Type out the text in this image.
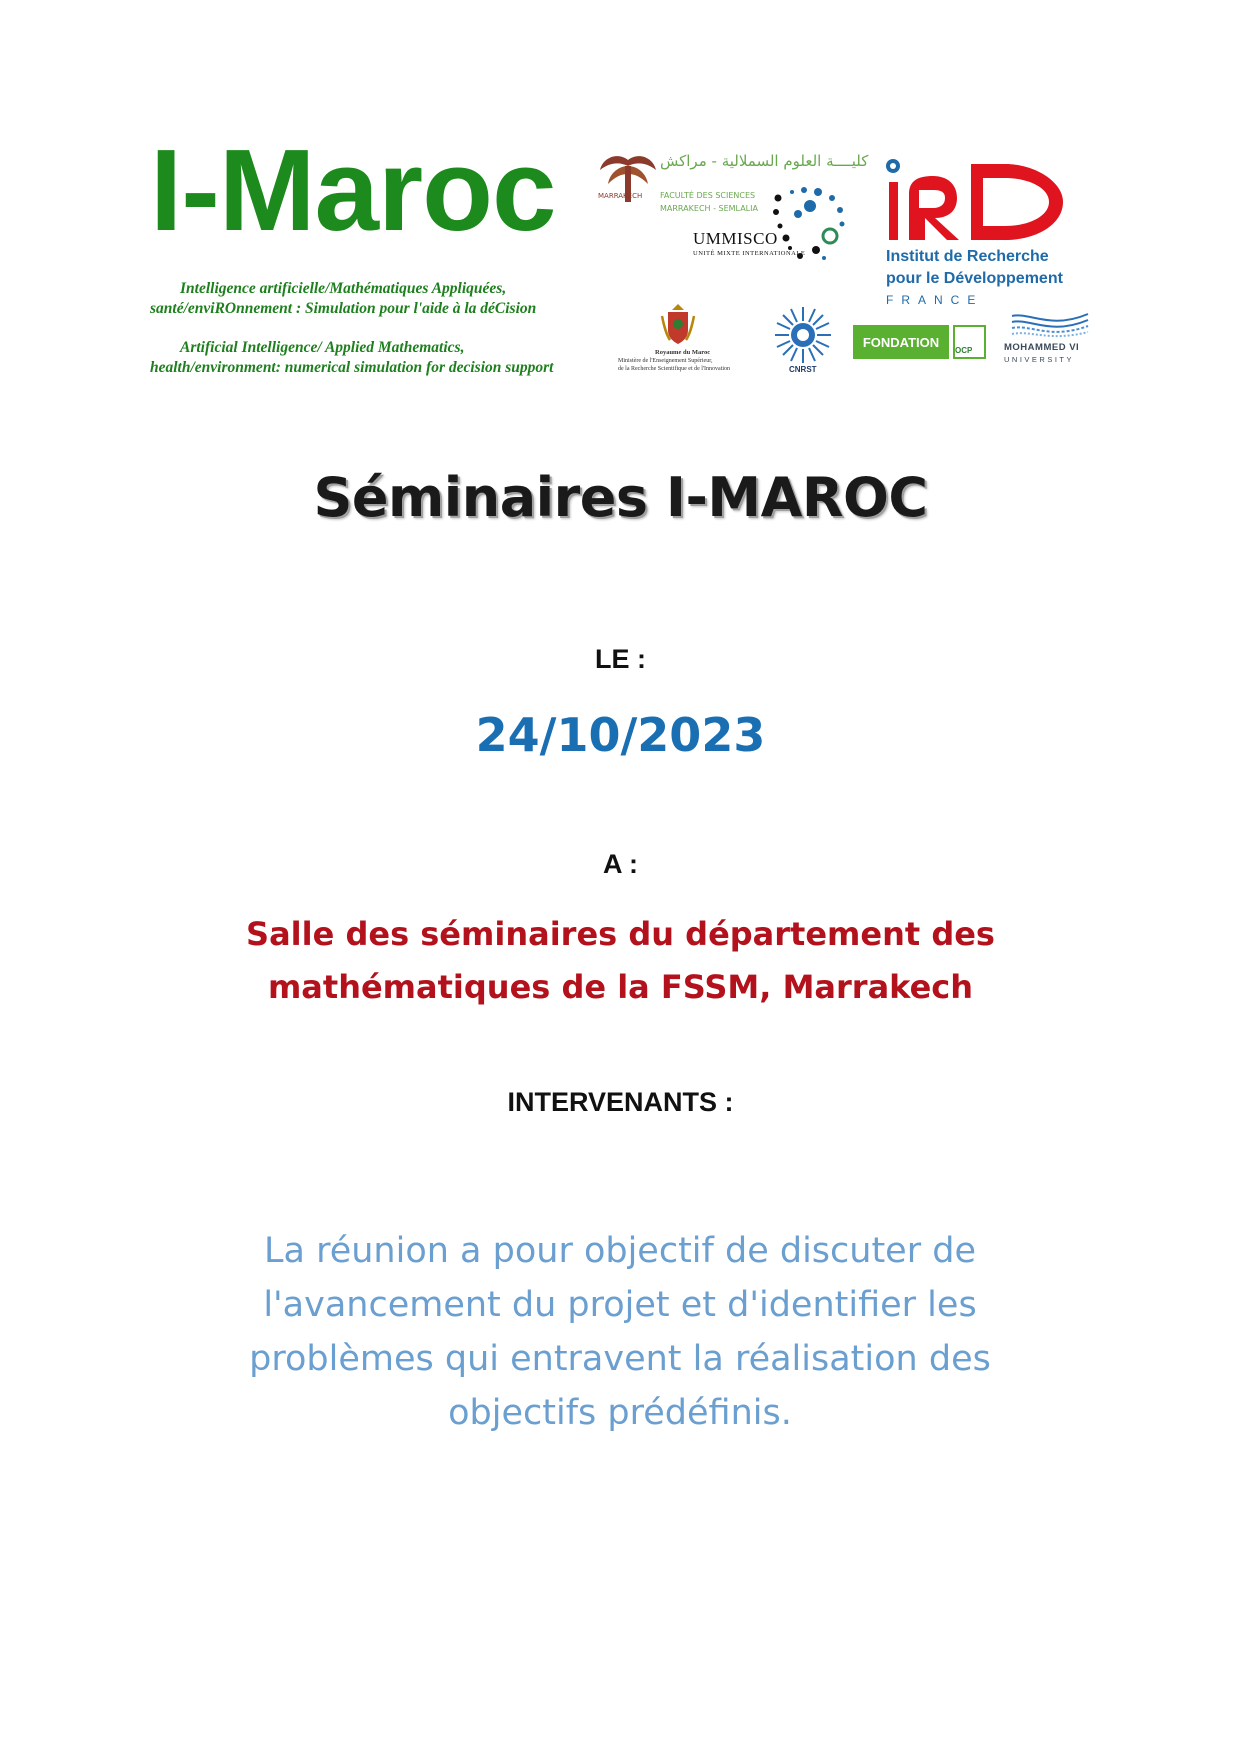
I-Maroc
Intelligence artificielle/Mathématiques Appliquées,
santé/enviROnnement : Simulation pour l'aide à la déCision
Artificial Intelligence/ Applied Mathematics,
health/environment: numerical simulation for decision support
كليــــة العلوم السملالية - مراكش
FACULTÉ DES SCIENCES
MARRAKECH - SEMLALIA
MARRAKECH
UMMISCO
UNITÉ MIXTE INTERNATIONALE	Institut de Recherche
pour le Développement
FRANCE
Royaume du Maroc
Ministère de l'Enseignement Supérieur,
de la Recherche Scientifique et de l'Innovation	CNRST
FONDATION
OCP	MOHAMMED VI
UNIVERSITY
Séminaires I-MAROC
LE :
24/10/2023
A :
Salle des séminaires du département des
mathématiques de la FSSM, Marrakech
INTERVENANTS :
La réunion a pour objectif de discuter de l'avancement du projet et d'identifier les problèmes qui entravent la réalisation des objectifs prédéfinis.
